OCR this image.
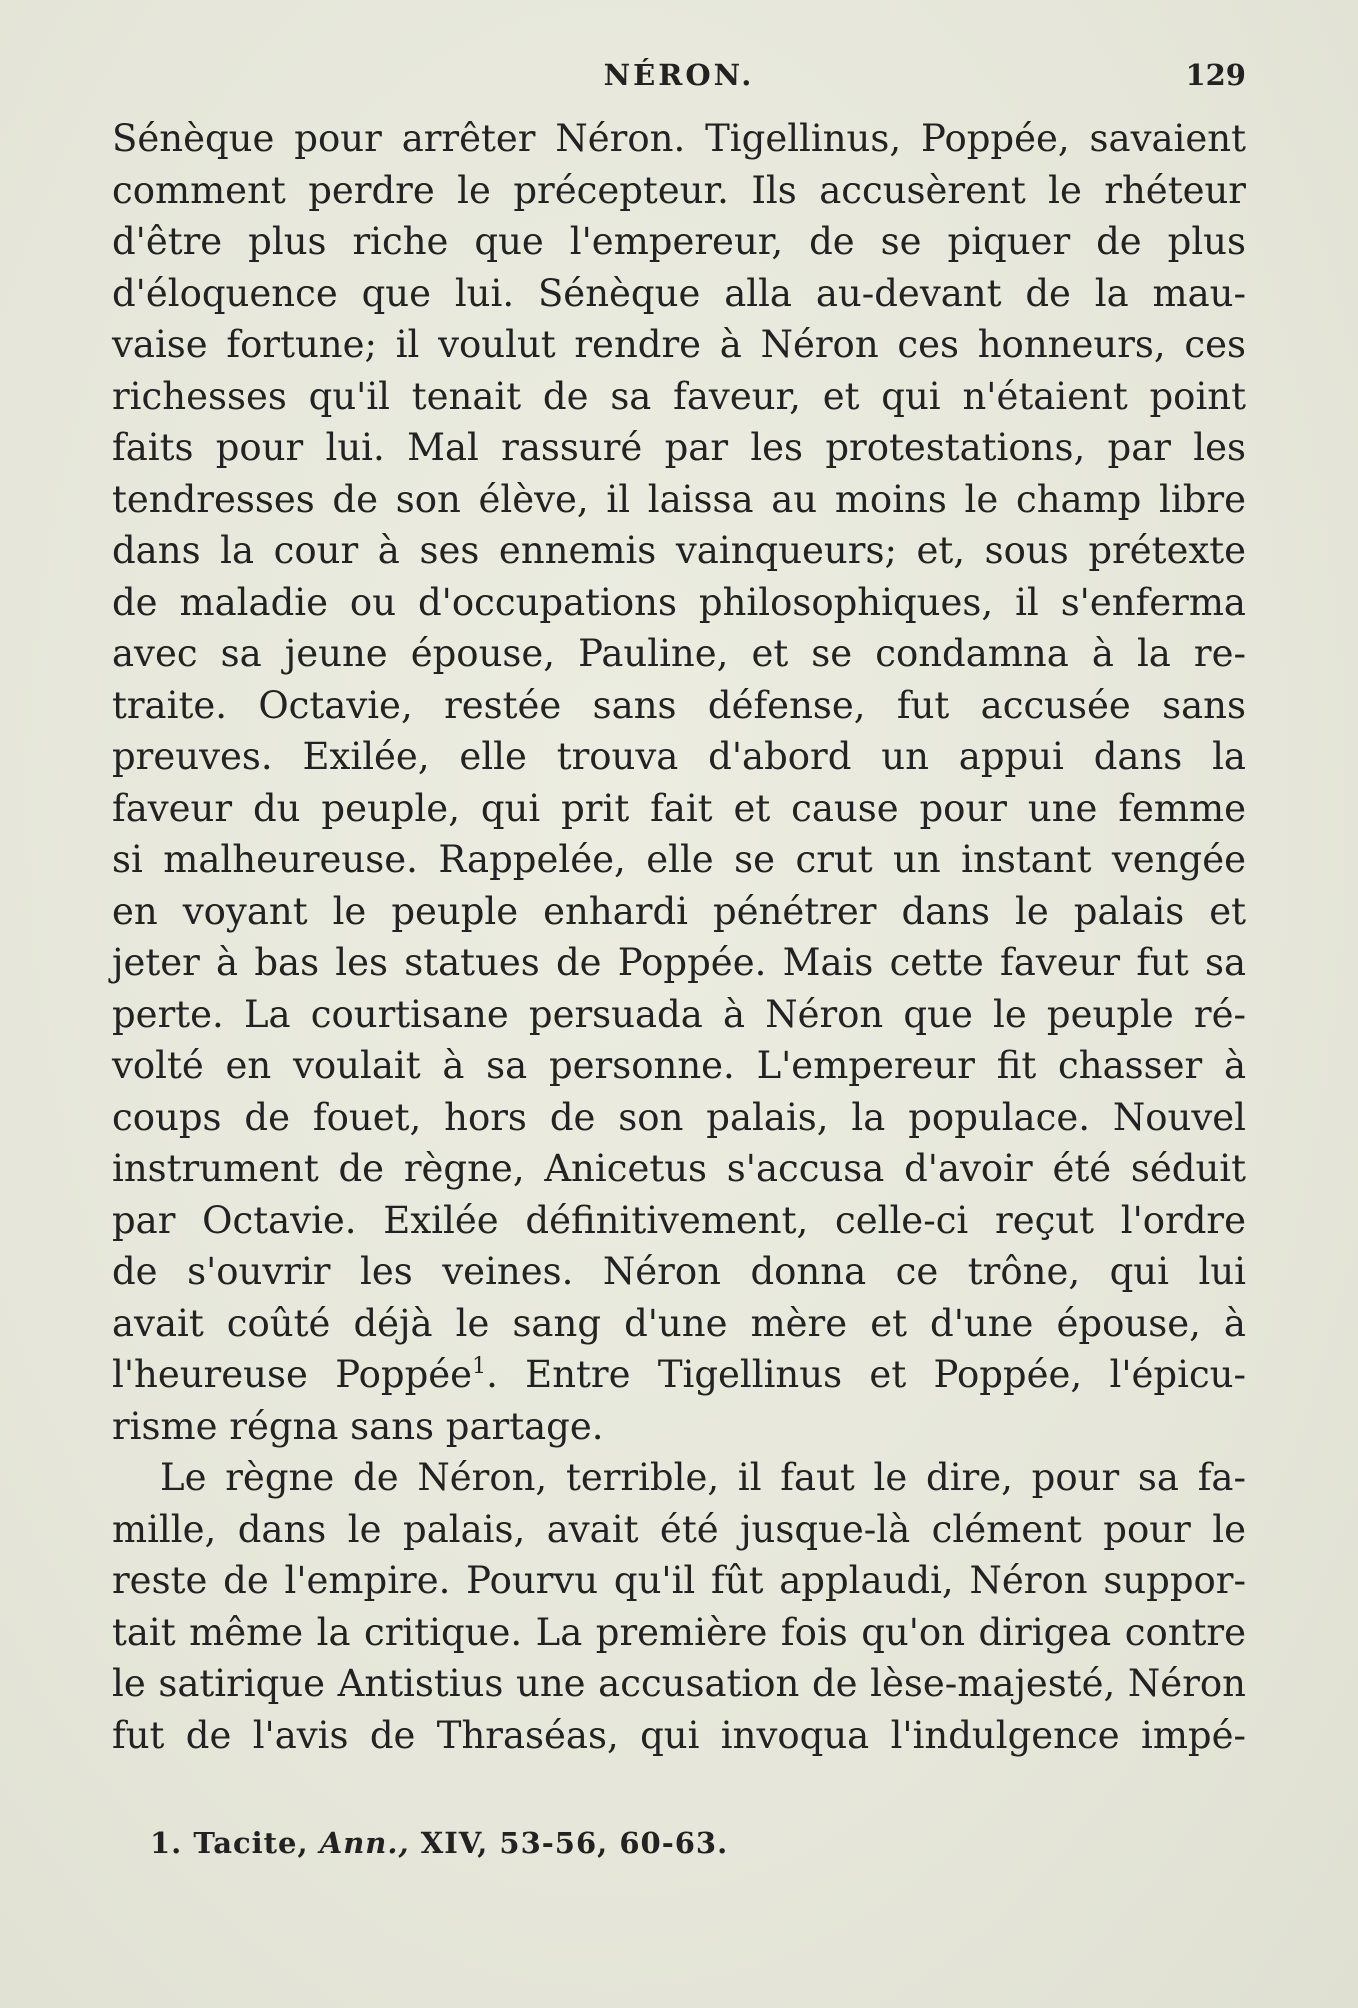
NÉRON.	129
Sénèque pour arrêter Néron. Tigellinus, Poppée, savaient
comment perdre le précepteur. Ils accusèrent le rhéteur
d'être plus riche que l'empereur, de se piquer de plus
d'éloquence que lui. Sénèque alla au-devant de la mau-
vaise fortune; il voulut rendre à Néron ces honneurs, ces
richesses qu'il tenait de sa faveur, et qui n'étaient point
faits pour lui. Mal rassuré par les protestations, par les
tendresses de son élève, il laissa au moins le champ libre
dans la cour à ses ennemis vainqueurs; et, sous prétexte
de maladie ou d'occupations philosophiques, il s'enferma
avec sa jeune épouse, Pauline, et se condamna à la re-
traite. Octavie, restée sans défense, fut accusée sans
preuves. Exilée, elle trouva d'abord un appui dans la
faveur du peuple, qui prit fait et cause pour une femme
si malheureuse. Rappelée, elle se crut un instant vengée
en voyant le peuple enhardi pénétrer dans le palais et
jeter à bas les statues de Poppée. Mais cette faveur fut sa
perte. La courtisane persuada à Néron que le peuple ré-
volté en voulait à sa personne. L'empereur fit chasser à
coups de fouet, hors de son palais, la populace. Nouvel
instrument de règne, Anicetus s'accusa d'avoir été séduit
par Octavie. Exilée définitivement, celle-ci reçut l'ordre
de s'ouvrir les veines. Néron donna ce trône, qui lui
avait coûté déjà le sang d'une mère et d'une épouse, à
l'heureuse Poppée$^1$. Entre Tigellinus et Poppée, l'épicu-
risme régna sans partage.
Le règne de Néron, terrible, il faut le dire, pour sa fa-
mille, dans le palais, avait été jusque-là clément pour le
reste de l'empire. Pourvu qu'il fût applaudi, Néron suppor-
tait même la critique. La première fois qu'on dirigea contre
le satirique Antistius une accusation de lèse-majesté, Néron
fut de l'avis de Thraséas, qui invoqua l'indulgence impé-
1. Tacite, Ann., XIV, 53-56, 60-63.
